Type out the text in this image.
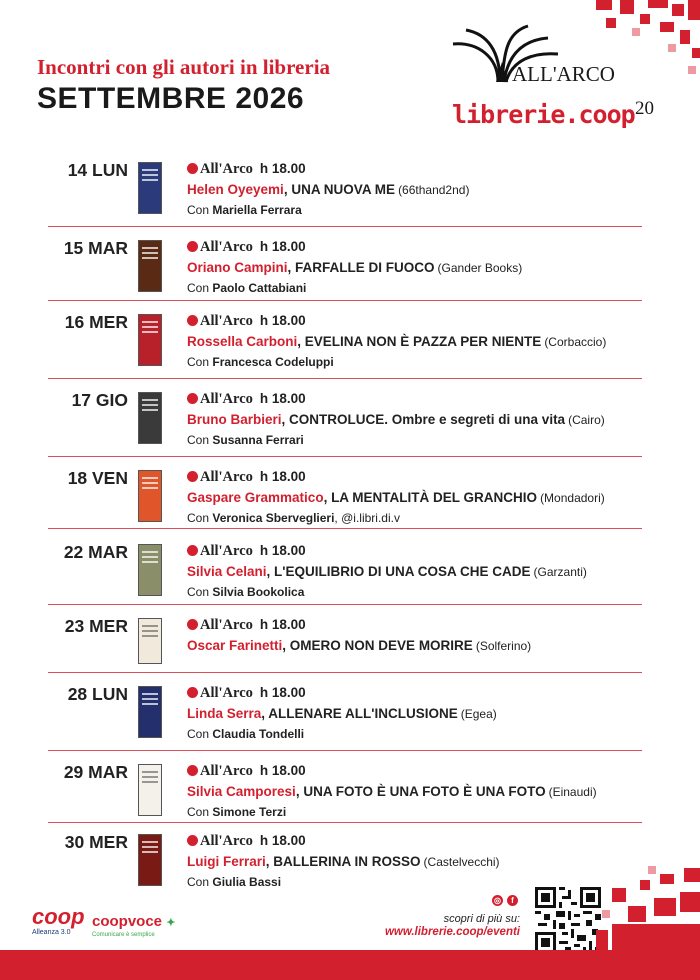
Incontri con gli autori in libreria
SETTEMBRE 2026
ALL'ARCO
librerie.coop 20
14 LUN	All'Arco h 18.00
Helen Oyeyemi, UNA NUOVA ME (66thand2nd)
Con Mariella Ferrara
15 MAR	All'Arco h 18.00
Oriano Campini, FARFALLE DI FUOCO (Gander Books)
Con Paolo Cattabiani
16 MER	All'Arco h 18.00
Rossella Carboni, EVELINA NON È PAZZA PER NIENTE (Corbaccio)
Con Francesca Codeluppi
17 GIO	All'Arco h 18.00
Bruno Barbieri, CONTROLUCE. Ombre e segreti di una vita (Cairo)
Con Susanna Ferrari
18 VEN	All'Arco h 18.00
Gaspare Grammatico, LA MENTALITÀ DEL GRANCHIO (Mondadori)
Con Veronica Sberveglieri, @i.libri.di.v
22 MAR	All'Arco h 18.00
Silvia Celani, L'EQUILIBRIO DI UNA COSA CHE CADE (Garzanti)
Con Silvia Bookolica
23 MER	All'Arco h 18.00
Oscar Farinetti, OMERO NON DEVE MORIRE (Solferino)
28 LUN	All'Arco h 18.00
Linda Serra, ALLENARE ALL'INCLUSIONE (Egea)
Con Claudia Tondelli
29 MAR	All'Arco h 18.00
Silvia Camporesi, UNA FOTO È UNA FOTO È UNA FOTO (Einaudi)
Con Simone Terzi
30 MER	All'Arco h 18.00
Luigi Ferrari, BALLERINA IN ROSSO (Castelvecchi)
Con Giulia Bassi
coop
Alleanza 3.0
coopvoce ✦
Comunicare è semplice
◎ f
scopri di più su:
www.librerie.coop/eventi
